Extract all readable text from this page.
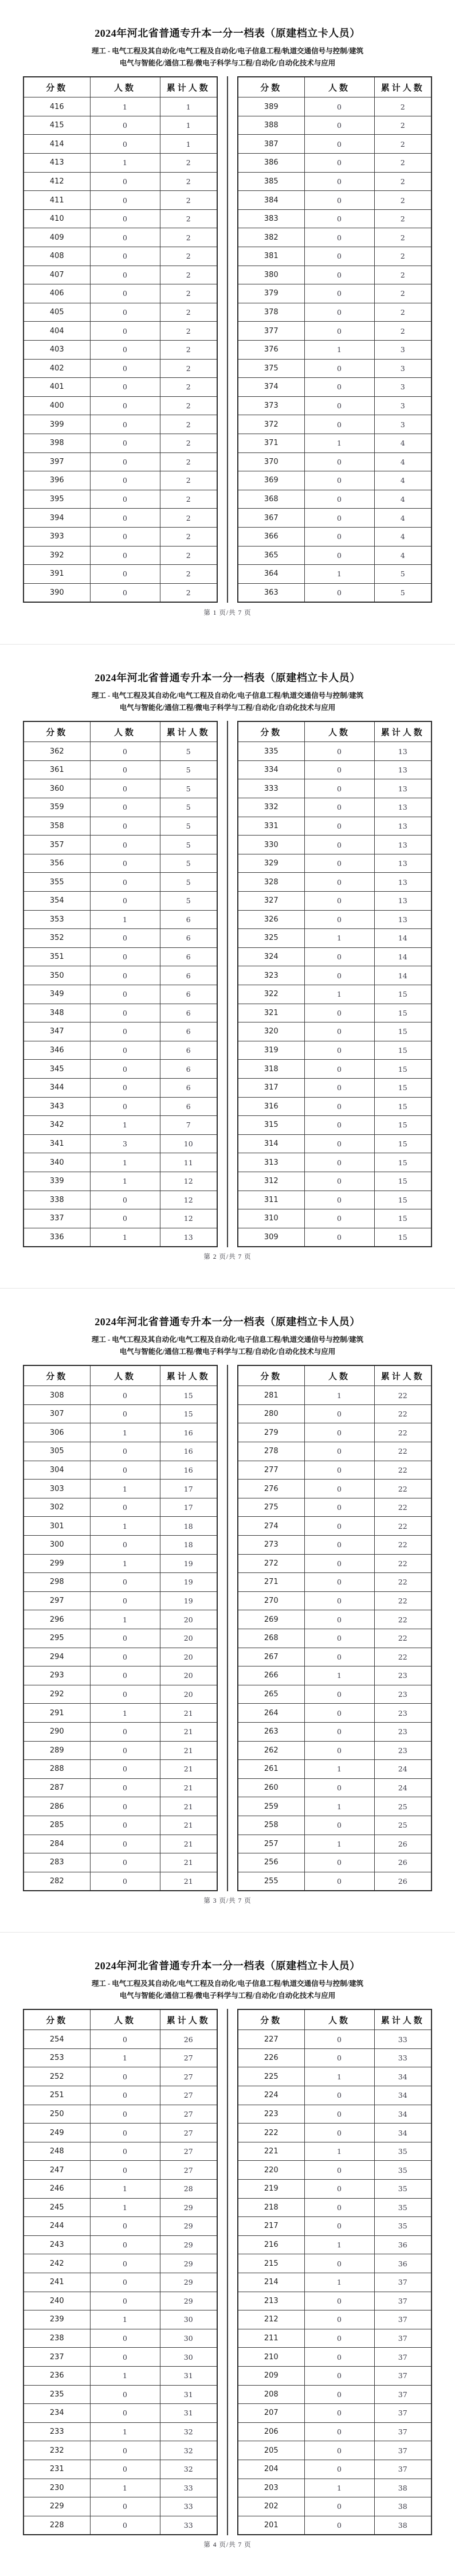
2024年河北省普通专升本一分一档表（原建档立卡人员）
理工 - 电气工程及其自动化/电气工程及自动化/电子信息工程/轨道交通信号与控制/建筑
电气与智能化/通信工程/微电子科学与工程/自动化/自动化技术与应用
分数	人数	累计人数
416	1	1
415	0	1
414	0	1
413	1	2
412	0	2
411	0	2
410	0	2
409	0	2
408	0	2
407	0	2
406	0	2
405	0	2
404	0	2
403	0	2
402	0	2
401	0	2
400	0	2
399	0	2
398	0	2
397	0	2
396	0	2
395	0	2
394	0	2
393	0	2
392	0	2
391	0	2
390	0	2
分数	人数	累计人数
389	0	2
388	0	2
387	0	2
386	0	2
385	0	2
384	0	2
383	0	2
382	0	2
381	0	2
380	0	2
379	0	2
378	0	2
377	0	2
376	1	3
375	0	3
374	0	3
373	0	3
372	0	3
371	1	4
370	0	4
369	0	4
368	0	4
367	0	4
366	0	4
365	0	4
364	1	5
363	0	5
第 1 页/共 7 页
2024年河北省普通专升本一分一档表（原建档立卡人员）
理工 - 电气工程及其自动化/电气工程及自动化/电子信息工程/轨道交通信号与控制/建筑
电气与智能化/通信工程/微电子科学与工程/自动化/自动化技术与应用
分数	人数	累计人数
362	0	5
361	0	5
360	0	5
359	0	5
358	0	5
357	0	5
356	0	5
355	0	5
354	0	5
353	1	6
352	0	6
351	0	6
350	0	6
349	0	6
348	0	6
347	0	6
346	0	6
345	0	6
344	0	6
343	0	6
342	1	7
341	3	10
340	1	11
339	1	12
338	0	12
337	0	12
336	1	13
分数	人数	累计人数
335	0	13
334	0	13
333	0	13
332	0	13
331	0	13
330	0	13
329	0	13
328	0	13
327	0	13
326	0	13
325	1	14
324	0	14
323	0	14
322	1	15
321	0	15
320	0	15
319	0	15
318	0	15
317	0	15
316	0	15
315	0	15
314	0	15
313	0	15
312	0	15
311	0	15
310	0	15
309	0	15
第 2 页/共 7 页
2024年河北省普通专升本一分一档表（原建档立卡人员）
理工 - 电气工程及其自动化/电气工程及自动化/电子信息工程/轨道交通信号与控制/建筑
电气与智能化/通信工程/微电子科学与工程/自动化/自动化技术与应用
分数	人数	累计人数
308	0	15
307	0	15
306	1	16
305	0	16
304	0	16
303	1	17
302	0	17
301	1	18
300	0	18
299	1	19
298	0	19
297	0	19
296	1	20
295	0	20
294	0	20
293	0	20
292	0	20
291	1	21
290	0	21
289	0	21
288	0	21
287	0	21
286	0	21
285	0	21
284	0	21
283	0	21
282	0	21
分数	人数	累计人数
281	1	22
280	0	22
279	0	22
278	0	22
277	0	22
276	0	22
275	0	22
274	0	22
273	0	22
272	0	22
271	0	22
270	0	22
269	0	22
268	0	22
267	0	22
266	1	23
265	0	23
264	0	23
263	0	23
262	0	23
261	1	24
260	0	24
259	1	25
258	0	25
257	1	26
256	0	26
255	0	26
第 3 页/共 7 页
2024年河北省普通专升本一分一档表（原建档立卡人员）
理工 - 电气工程及其自动化/电气工程及自动化/电子信息工程/轨道交通信号与控制/建筑
电气与智能化/通信工程/微电子科学与工程/自动化/自动化技术与应用
分数	人数	累计人数
254	0	26
253	1	27
252	0	27
251	0	27
250	0	27
249	0	27
248	0	27
247	0	27
246	1	28
245	1	29
244	0	29
243	0	29
242	0	29
241	0	29
240	0	29
239	1	30
238	0	30
237	0	30
236	1	31
235	0	31
234	0	31
233	1	32
232	0	32
231	0	32
230	1	33
229	0	33
228	0	33
分数	人数	累计人数
227	0	33
226	0	33
225	1	34
224	0	34
223	0	34
222	0	34
221	1	35
220	0	35
219	0	35
218	0	35
217	0	35
216	1	36
215	0	36
214	1	37
213	0	37
212	0	37
211	0	37
210	0	37
209	0	37
208	0	37
207	0	37
206	0	37
205	0	37
204	0	37
203	1	38
202	0	38
201	0	38
第 4 页/共 7 页
